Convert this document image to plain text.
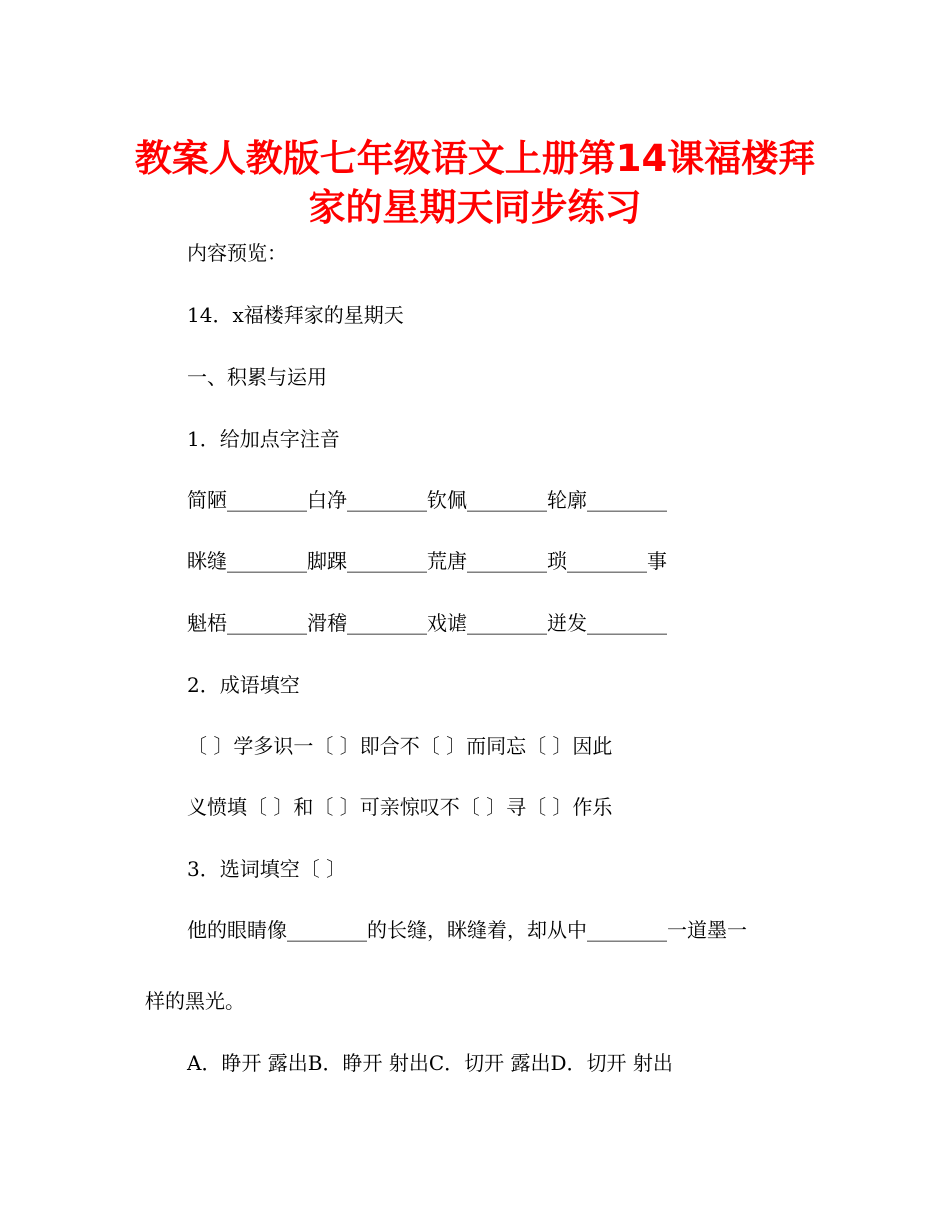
教案人教版七年级语文上册第14课福楼拜
家的星期天同步练习
内容预览：
14．x福楼拜家的星期天
一、积累与运用
1．给加点字注音
简陋________白净________钦佩________轮廓________
眯缝________脚踝________荒唐________琐________事
魁梧________滑稽________戏谑________迸发________
2．成语填空
〔 〕学多识一〔 〕即合不〔 〕而同忘〔 〕因此
义愤填〔 〕和〔 〕可亲惊叹不〔 〕寻〔 〕作乐
3．选词填空〔 〕
他的眼睛像________的长缝，眯缝着，却从中________一道墨一
样的黑光。
A．睁开 露出B．睁开 射出C．切开 露出D．切开 射出
